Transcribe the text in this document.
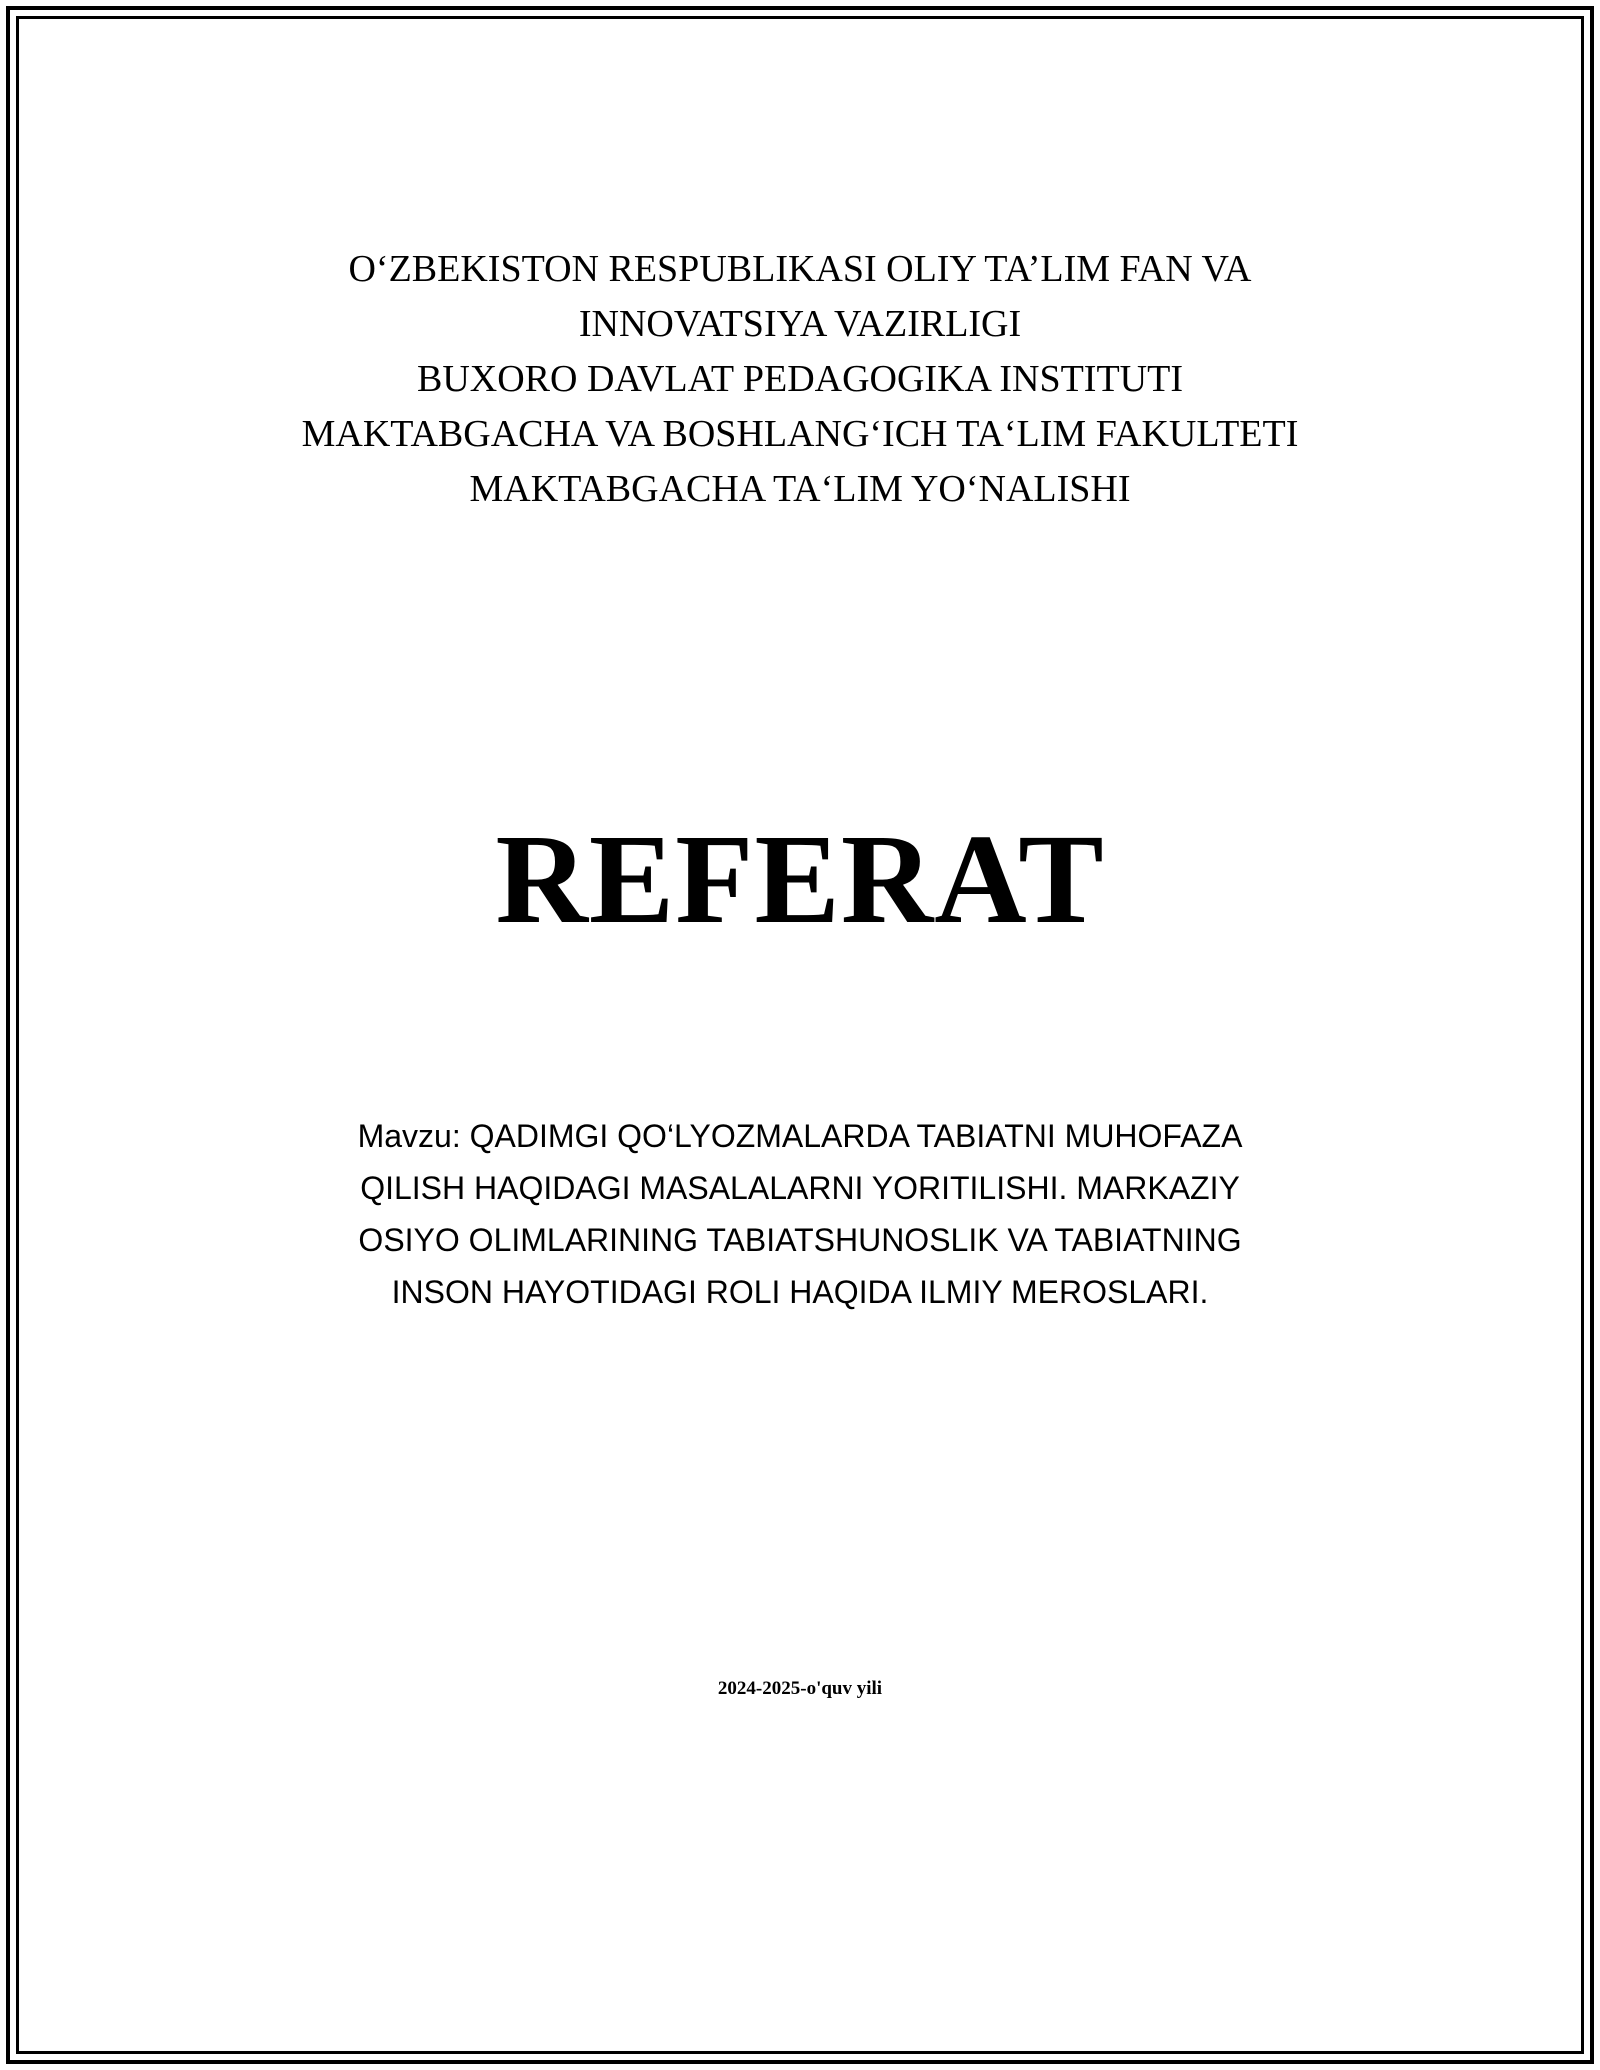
O‘ZBEKISTON RESPUBLIKASI OLIY TA’LIM FAN VA
INNOVATSIYA VAZIRLIGI
BUXORO DAVLAT PEDAGOGIKA INSTITUTI
MAKTABGACHA VA BOSHLANG‘ICH TA‘LIM FAKULTETI
MAKTABGACHA TA‘LIM YO‘NALISHI
REFERAT
Mavzu: QADIMGI QO‘LYOZMALARDA TABIATNI MUHOFAZA
QILISH HAQIDAGI MASALALARNI YORITILISHI. MARKAZIY
OSIYO OLIMLARINING TABIATSHUNOSLIK VA TABIATNING
INSON HAYOTIDAGI ROLI HAQIDA ILMIY MEROSLARI.
2024-2025-o'quv yili
